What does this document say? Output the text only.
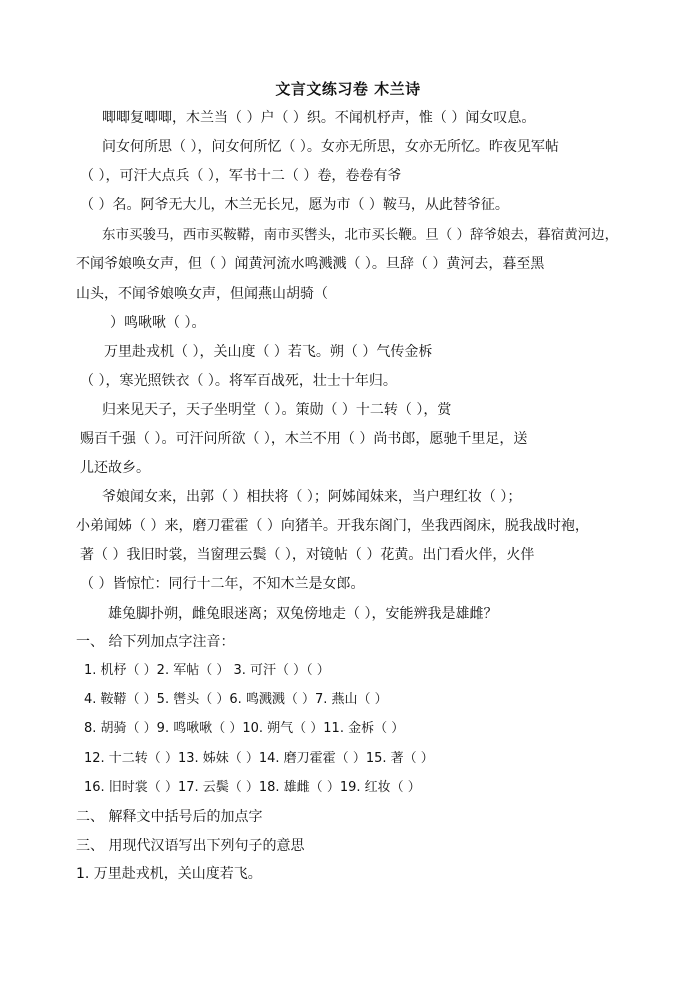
文言文练习卷 木兰诗
唧唧复唧唧，木兰当（ ）户（ ）织。不闻机杼声，惟（ ）闻女叹息。
问女何所思（ ），问女何所忆（ ）。女亦无所思，女亦无所忆。昨夜见军帖
（ ），可汗大点兵（ ），军书十二（ ）卷，卷卷有爷
（ ）名。阿爷无大儿，木兰无长兄，愿为市（ ）鞍马，从此替爷征。
东市买骏马，西市买鞍鞯，南市买辔头，北市买长鞭。旦（ ）辞爷娘去，暮宿黄河边，
不闻爷娘唤女声，但（ ）闻黄河流水鸣溅溅（ ）。旦辞（ ）黄河去，暮至黑
山头，不闻爷娘唤女声，但闻燕山胡骑（
）鸣啾啾（ ）。
万里赴戎机（ ），关山度（ ）若飞。朔（ ）气传金柝
（ ），寒光照铁衣（ ）。将军百战死，壮士十年归。
归来见天子，天子坐明堂（ ）。策勋（ ）十二转（ ），赏
赐百千强（ ）。可汗问所欲（ ），木兰不用（ ）尚书郎，愿驰千里足，送
儿还故乡。
爷娘闻女来，出郭（ ）相扶将（ ）；阿姊闻妹来，当户理红妆（ ）；
小弟闻姊（ ）来，磨刀霍霍（ ）向猪羊。开我东阁门，坐我西阁床，脱我战时袍，
著（ ）我旧时裳，当窗理云鬓（ ），对镜帖（ ）花黄。出门看火伴，火伴
（ ）皆惊忙：同行十二年，不知木兰是女郎。
雄兔脚扑朔，雌兔眼迷离；双兔傍地走（ ），安能辨我是雄雌？
一、 给下列加点字注音：
1. 机杼（ ）2. 军帖（ ） 3. 可汗（ ）（ ）
4. 鞍鞯（ ）5. 辔头（ ）6. 鸣溅溅（ ）7. 燕山（ ）
8. 胡骑（ ）9. 鸣啾啾（ ）10. 朔气（ ）11. 金柝（ ）
12. 十二转（ ）13. 姊妹（ ）14. 磨刀霍霍（ ）15. 著（ ）
16. 旧时裳（ ）17. 云鬓（ ）18. 雄雌（ ）19. 红妆（ ）
二、 解释文中括号后的加点字
三、 用现代汉语写出下列句子的意思
1. 万里赴戎机，关山度若飞。
